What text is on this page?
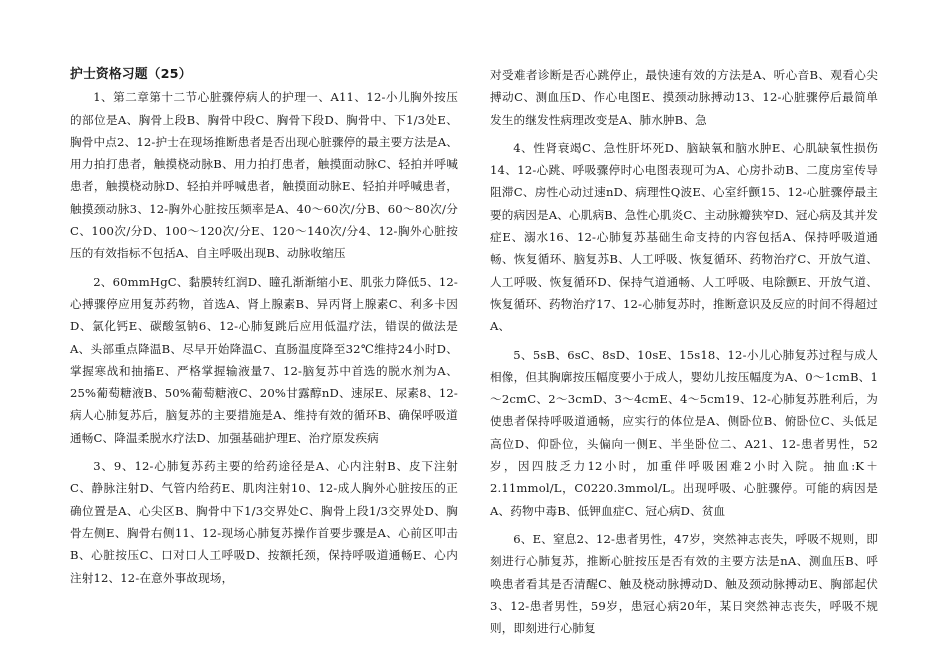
护士资格习题（25）

1、第二章第十二节心脏骤停病人的护理一、A11、12-小儿胸外按压的部位是A、胸骨上段B、胸骨中段C、胸骨下段D、胸骨中、下1/3处E、胸骨中点2、12-护士在现场推断患者是否出现心脏骤停的最主要方法是A、用力拍打患者，触摸桡动脉B、用力拍打患者，触摸面动脉C、轻拍并呼喊患者，触摸桡动脉D、轻拍并呼喊患者，触摸面动脉E、轻拍并呼喊患者，触摸颈动脉3、12-胸外心脏按压频率是A、40～60次/分B、60～80次/分C、100次/分D、100～120次/分E、120～140次/分4、12-胸外心脏按压的有效指标不包括A、自主呼吸出现B、动脉收缩压

2、60mmHgC、黏膜转红润D、瞳孔渐渐缩小E、肌张力降低5、12-心搏骤停应用复苏药物，首选A、肾上腺素B、异丙肾上腺素C、利多卡因D、氯化钙E、碳酸氢钠6、12-心肺复跳后应用低温疗法，错误的做法是A、头部重点降温B、尽早开始降温C、直肠温度降至32℃维持24小时D、掌握寒战和抽搐E、严格掌握输液量7、12-脑复苏中首选的脱水剂为A、25%葡萄糖液B、50%葡萄糖液C、20%甘露醇nD、速尿E、尿素8、12-病人心肺复苏后，脑复苏的主要措施是A、维持有效的循环B、确保呼吸道通畅C、降温柔脱水疗法D、加强基础护理E、治疗原发疾病

3、9、12-心肺复苏药主要的给药途径是A、心内注射B、皮下注射C、静脉注射D、气管内给药E、肌肉注射10、12-成人胸外心脏按压的正确位置是A、心尖区B、胸骨中下1/3交界处C、胸骨上段1/3交界处D、胸骨左侧E、胸骨右侧11、12-现场心肺复苏操作首要步骤是A、心前区叩击B、心脏按压C、口对口人工呼吸D、按额托颈，保持呼吸道通畅E、心内注射12、12-在意外事故现场，

对受难者诊断是否心跳停止，最快速有效的方法是A、听心音B、观看心尖搏动C、测血压D、作心电图E、摸颈动脉搏动13、12-心脏骤停后最简单发生的继发性病理改变是A、肺水肿B、急

4、性肾衰竭C、急性肝坏死D、脑缺氧和脑水肿E、心肌缺氧性损伤14、12-心跳、呼吸骤停时心电图表现可为A、心房扑动B、二度房室传导阻滞C、房性心动过速nD、病理性Q波E、心室纤颤15、12-心脏骤停最主要的病因是A、心肌病B、急性心肌炎C、主动脉瓣狭窄D、冠心病及其并发症E、溺水16、12-心肺复苏基础生命支持的内容包括A、保持呼吸道通畅、恢复循环、脑复苏B、人工呼吸、恢复循环、药物治疗C、开放气道、人工呼吸、恢复循环D、保持气道通畅、人工呼吸、电除颤E、开放气道、恢复循环、药物治疗17、12-心肺复苏时，推断意识及反应的时间不得超过A、

5、5sB、6sC、8sD、10sE、15s18、12-小儿心肺复苏过程与成人相像，但其胸廓按压幅度要小于成人，婴幼儿按压幅度为A、0～1cmB、1～2cmC、2～3cmD、3～4cmE、4～5cm19、12-心肺复苏胜利后，为使患者保持呼吸道通畅，应实行的体位是A、侧卧位B、俯卧位C、头低足高位D、仰卧位，头偏向一侧E、半坐卧位二、A21、12-患者男性，52岁，因四肢乏力12小时，加重伴呼吸困难2小时入院。抽血:K＋2.11mmol/L，C0220.3mmol/L。出现呼吸、心脏骤停。可能的病因是A、药物中毒B、低钾血症C、冠心病D、贫血

6、E、窒息2、12-患者男性，47岁，突然神志丧失，呼吸不规则，即刻进行心肺复苏，推断心脏按压是否有效的主要方法是nA、测血压B、呼唤患者看其是否清醒C、触及桡动脉搏动D、触及颈动脉搏动E、胸部起伏3、12-患者男性，59岁，患冠心病20年，某日突然神志丧失，呼吸不规则，即刻进行心肺复
